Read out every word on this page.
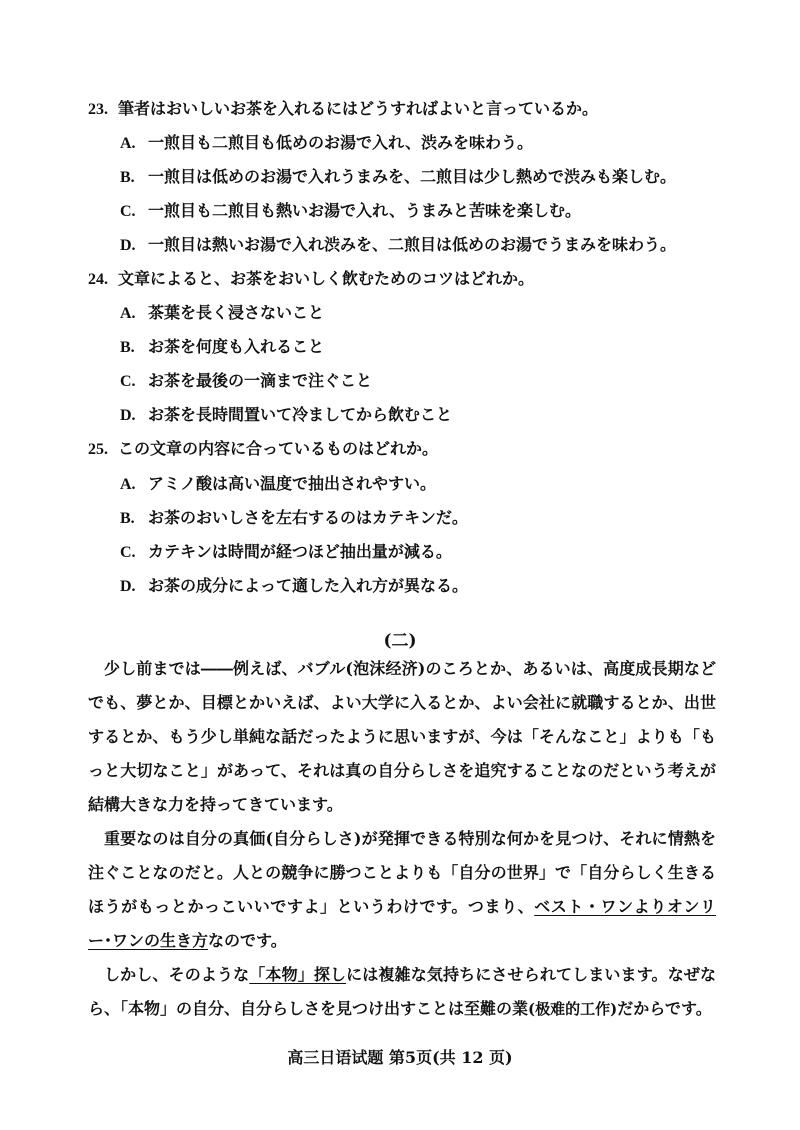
23. 筆者はおいしいお茶を入れるにはどうすればよいと言っているか。
A. 一煎目も二煎目も低めのお湯で入れ、渋みを味わう。
B. 一煎目は低めのお湯で入れうまみを、二煎目は少し熱めで渋みも楽しむ。
C. 一煎目も二煎目も熱いお湯で入れ、うまみと苦味を楽しむ。
D. 一煎目は熱いお湯で入れ渋みを、二煎目は低めのお湯でうまみを味わう。
24. 文章によると、お茶をおいしく飲むためのコツはどれか。
A. 茶葉を長く浸さないこと
B. お茶を何度も入れること
C. お茶を最後の一滴まで注ぐこと
D. お茶を長時間置いて冷ましてから飲むこと
25. この文章の内容に合っているものはどれか。
A. アミノ酸は高い温度で抽出されやすい。
B. お茶のおいしさを左右するのはカテキンだ。
C. カテキンは時間が経つほど抽出量が減る。
D. お茶の成分によって適した入れ方が異なる。
(二)

少し前までは――例えば、バブル(泡沫经济)のころとか、あるいは、高度成長期などでも、夢とか、目標とかいえば、よい大学に入るとか、よい会社に就職するとか、出世するとか、もう少し単純な話だったように思いますが、今は「そんなこと」よりも「もっと大切なこと」があって、それは真の自分らしさを追究することなのだという考えが結構大きな力を持ってきています。

重要なのは自分の真価(自分らしさ)が発揮できる特別な何かを見つけ、それに情熱を注ぐことなのだと。人との競争に勝つことよりも「自分の世界」で「自分らしく生きるほうがもっとかっこいいですよ」というわけです。つまり、ベスト・ワンよりオンリー･ワンの生き方なのです。

しかし、そのような「本物」探しには複雑な気持ちにさせられてしまいます。なぜなら、「本物」の自分、自分らしさを見つけ出すことは至難の業(极难的工作)だからです。

高三日语试题 第5页(共 12 页)
